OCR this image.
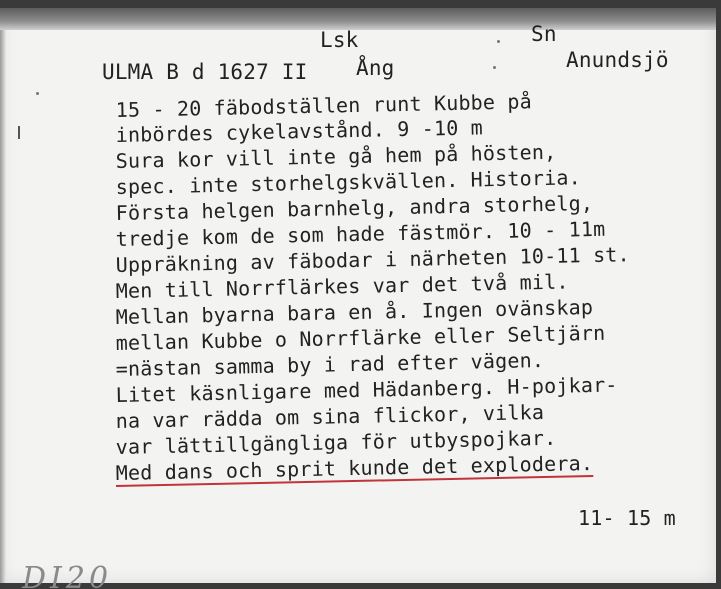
Lsk	Sn
ULMA B d 1627 II Ång	Anundsjö
15 - 20 fäbodställen runt Kubbe på
inbördes cykelavstånd. 9 -10 m
Sura kor vill inte gå hem på hösten,
spec. inte storhelgskvällen. Historia.
Första helgen barnhelg, andra storhelg,
tredje kom de som hade fästmör. 10 - 11m
Uppräkning av fäbodar i närheten 10-11 st.
Men till Norrflärkes var det två mil.
Mellan byarna bara en å. Ingen ovänskap
mellan Kubbe o Norrflärke eller Seltjärn
=nästan samma by i rad efter vägen.
Litet käsnligare med Hädanberg. H-pojkar-
na var rädda om sina flickor, vilka
var lättillgängliga för utbyspojkar.
Med dans och sprit kunde det explodera.
11- 15 m
DI20
